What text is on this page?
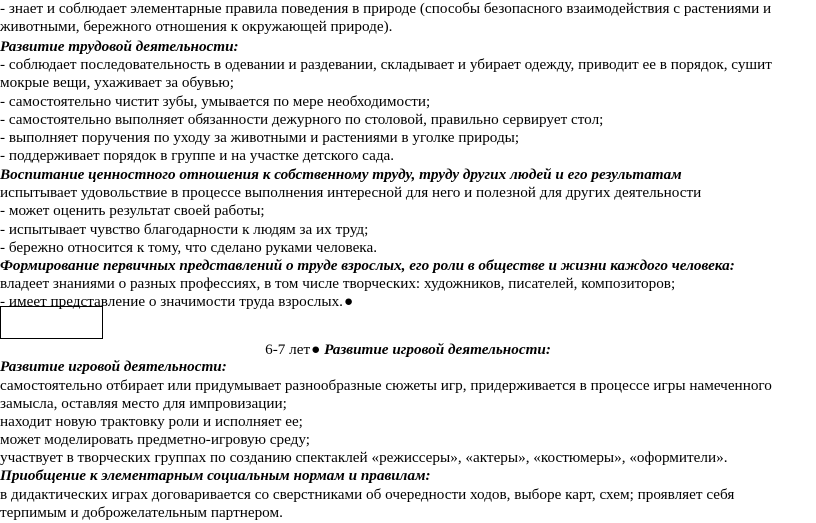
- знает и соблюдает элементарные правила поведения в природе (способы безопасного взаимодействия с растениями и
животными, бережного отношения к окружающей природе).
Развитие трудовой деятельности:
- соблюдает последовательность в одевании и раздевании, складывает и убирает одежду, приводит ее в порядок, сушит
мокрые вещи, ухаживает за обувью;
- самостоятельно чистит зубы, умывается по мере необходимости;
- самостоятельно выполняет обязанности дежурного по столовой, правильно сервирует стол;
- выполняет поручения по уходу за животными и растениями в уголке природы;
- поддерживает порядок в группе и на участке детского сада.
Воспитание ценностного отношения к собственному труду, труду других людей и его результатам
испытывает удовольствие в процессе выполнения интересной для него и полезной для других деятельности
- может оценить результат своей работы;
- испытывает чувство благодарности к людям за их труд;
- бережно относится к тому, что сделано руками человека.
Формирование первичных представлений о труде взрослых, его роли в обществе и жизни каждого человека:
владеет знаниями о разных профессиях, в том числе творческих: художников, писателей, композиторов;
- имеет представление о значимости труда взрослых.●
6-7 лет● Развитие игровой деятельности:
Развитие игровой деятельности:
самостоятельно отбирает или придумывает разнообразные сюжеты игр, придерживается в процессе игры намеченного
замысла, оставляя место для импровизации;
находит новую трактовку роли и исполняет ее;
может моделировать предметно-игровую среду;
участвует в творческих группах по созданию спектаклей «режиссеры», «актеры», «костюмеры», «оформители».
Приобщение к элементарным социальным нормам и правилам:
в дидактических играх договаривается со сверстниками об очередности ходов, выборе карт, схем; проявляет себя
терпимым и доброжелательным партнером.
